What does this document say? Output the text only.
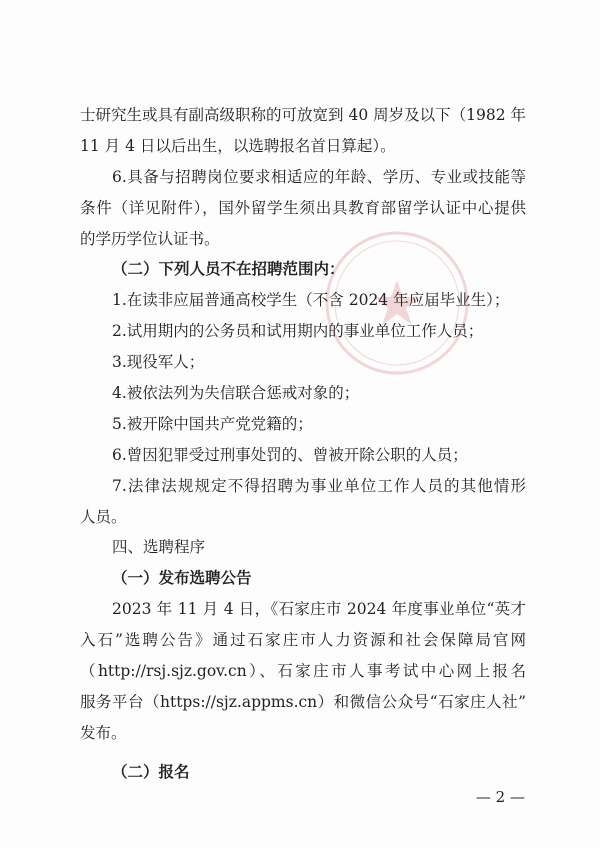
士研究生或具有副高级职称的可放宽到 40 周岁及以下（1982 年
11 月 4 日以后出生，以选聘报名首日算起）。
6.具备与招聘岗位要求相适应的年龄、学历、专业或技能等
条件（详见附件），国外留学生须出具教育部留学认证中心提供
的学历学位认证书。
（二）下列人员不在招聘范围内：
1.在读非应届普通高校学生（不含 2024 年应届毕业生）；
2.试用期内的公务员和试用期内的事业单位工作人员；
3.现役军人；
4.被依法列为失信联合惩戒对象的；
5.被开除中国共产党党籍的；
6.曾因犯罪受过刑事处罚的、曾被开除公职的人员；
7.法律法规规定不得招聘为事业单位工作人员的其他情形
人员。
四、选聘程序
（一）发布选聘公告
2023 年 11 月 4 日，《石家庄市 2024 年度事业单位“英才
入石”选聘公告》通过石家庄市人力资源和社会保障局官网
（http://rsj.sjz.gov.cn）、石家庄市人事考试中心网上报名
服务平台（https://sjz.appms.cn）和微信公众号“石家庄人社”
发布。
（二）报名
— 2 —
